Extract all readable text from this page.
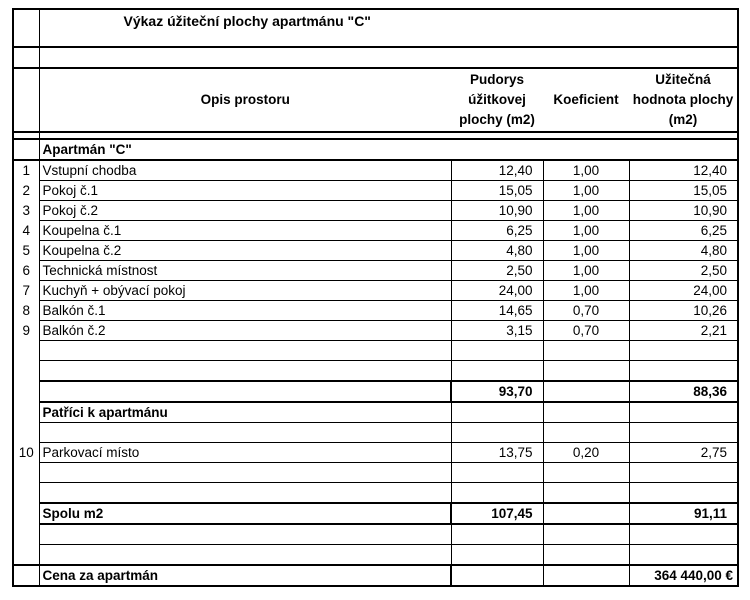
	Výkaz úžiteční plochy apartmánu "C"			

	Opis prostoru	Pudorys úžitkovej plochy (m2)	Koeficient	Užitečná hodnota plochy (m2)

	Apartmán "C"			
1	Vstupní chodba	12,40	1,00	12,40
2	Pokoj č.1	15,05	1,00	15,05
3	Pokoj č.2	10,90	1,00	10,90
4	Koupelna č.1	6,25	1,00	6,25
5	Koupelna č.2	4,80	1,00	4,80
6	Technická místnost	2,50	1,00	2,50
7	Kuchyň + obývací pokoj	24,00	1,00	24,00
8	Balkón č.1	14,65	0,70	10,26
9	Balkón č.2	3,15	0,70	2,21

		93,70		88,36
	Patříci k apartmánu			

10	Parkovací místo	13,75	0,20	2,75

	Spolu m2	107,45		91,11

	Cena za apartmán			364 440,00 €
